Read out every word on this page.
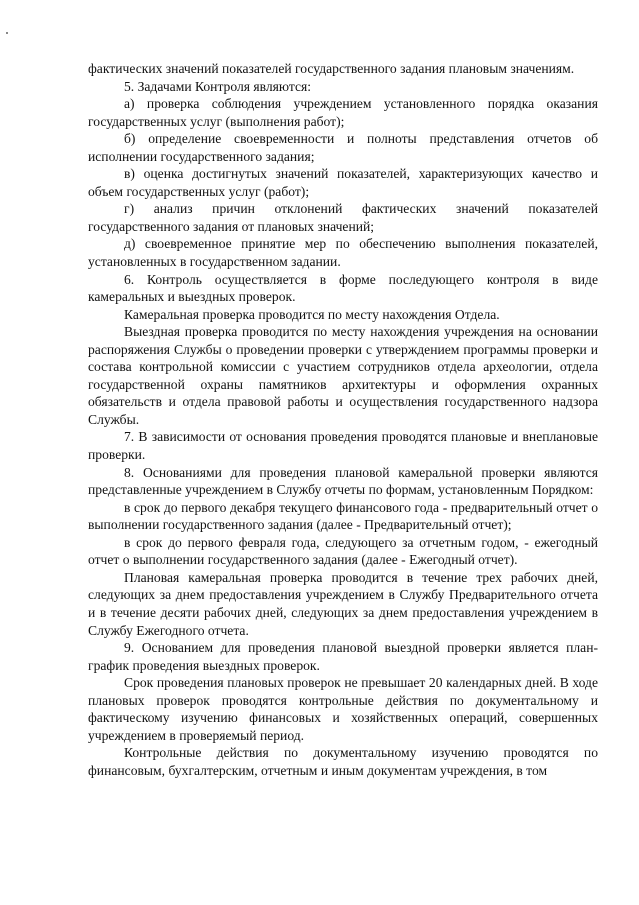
фактических значений показателей государственного задания плановым значениям.

5. Задачами Контроля являются:

а) проверка соблюдения учреждением установленного порядка оказания государственных услуг (выполнения работ);

б) определение своевременности и полноты представления отчетов об исполнении государственного задания;

в) оценка достигнутых значений показателей, характеризующих качество и объем государственных услуг (работ);

г) анализ причин отклонений фактических значений показателей государственного задания от плановых значений;

д) своевременное принятие мер по обеспечению выполнения показателей, установленных в государственном задании.

6. Контроль осуществляется в форме последующего контроля в виде камеральных и выездных проверок.

Камеральная проверка проводится по месту нахождения Отдела.

Выездная проверка проводится по месту нахождения учреждения на основании распоряжения Службы о проведении проверки с утверждением программы проверки и состава контрольной комиссии с участием сотрудников отдела археологии, отдела государственной охраны памятников архитектуры и оформления охранных обязательств и отдела правовой работы и осуществления государственного надзора Службы.

7. В зависимости от основания проведения проводятся плановые и внеплановые проверки.

8. Основаниями для проведения плановой камеральной проверки являются представленные учреждением в Службу отчеты по формам, установленным Порядком:

в срок до первого декабря текущего финансового года - предварительный отчет о выполнении государственного задания (далее - Предварительный отчет);

в срок до первого февраля года, следующего за отчетным годом, - ежегодный отчет о выполнении государственного задания (далее - Ежегодный отчет).

Плановая камеральная проверка проводится в течение трех рабочих дней, следующих за днем предоставления учреждением в Службу Предварительного отчета и в течение десяти рабочих дней, следующих за днем предоставления учреждением в Службу Ежегодного отчета.

9. Основанием для проведения плановой выездной проверки является план-график проведения выездных проверок.

Срок проведения плановых проверок не превышает 20 календарных дней. В ходе плановых проверок проводятся контрольные действия по документальному и фактическому изучению финансовых и хозяйственных операций, совершенных учреждением в проверяемый период.

Контрольные действия по документальному изучению проводятся по финансовым, бухгалтерским, отчетным и иным документам учреждения, в том
